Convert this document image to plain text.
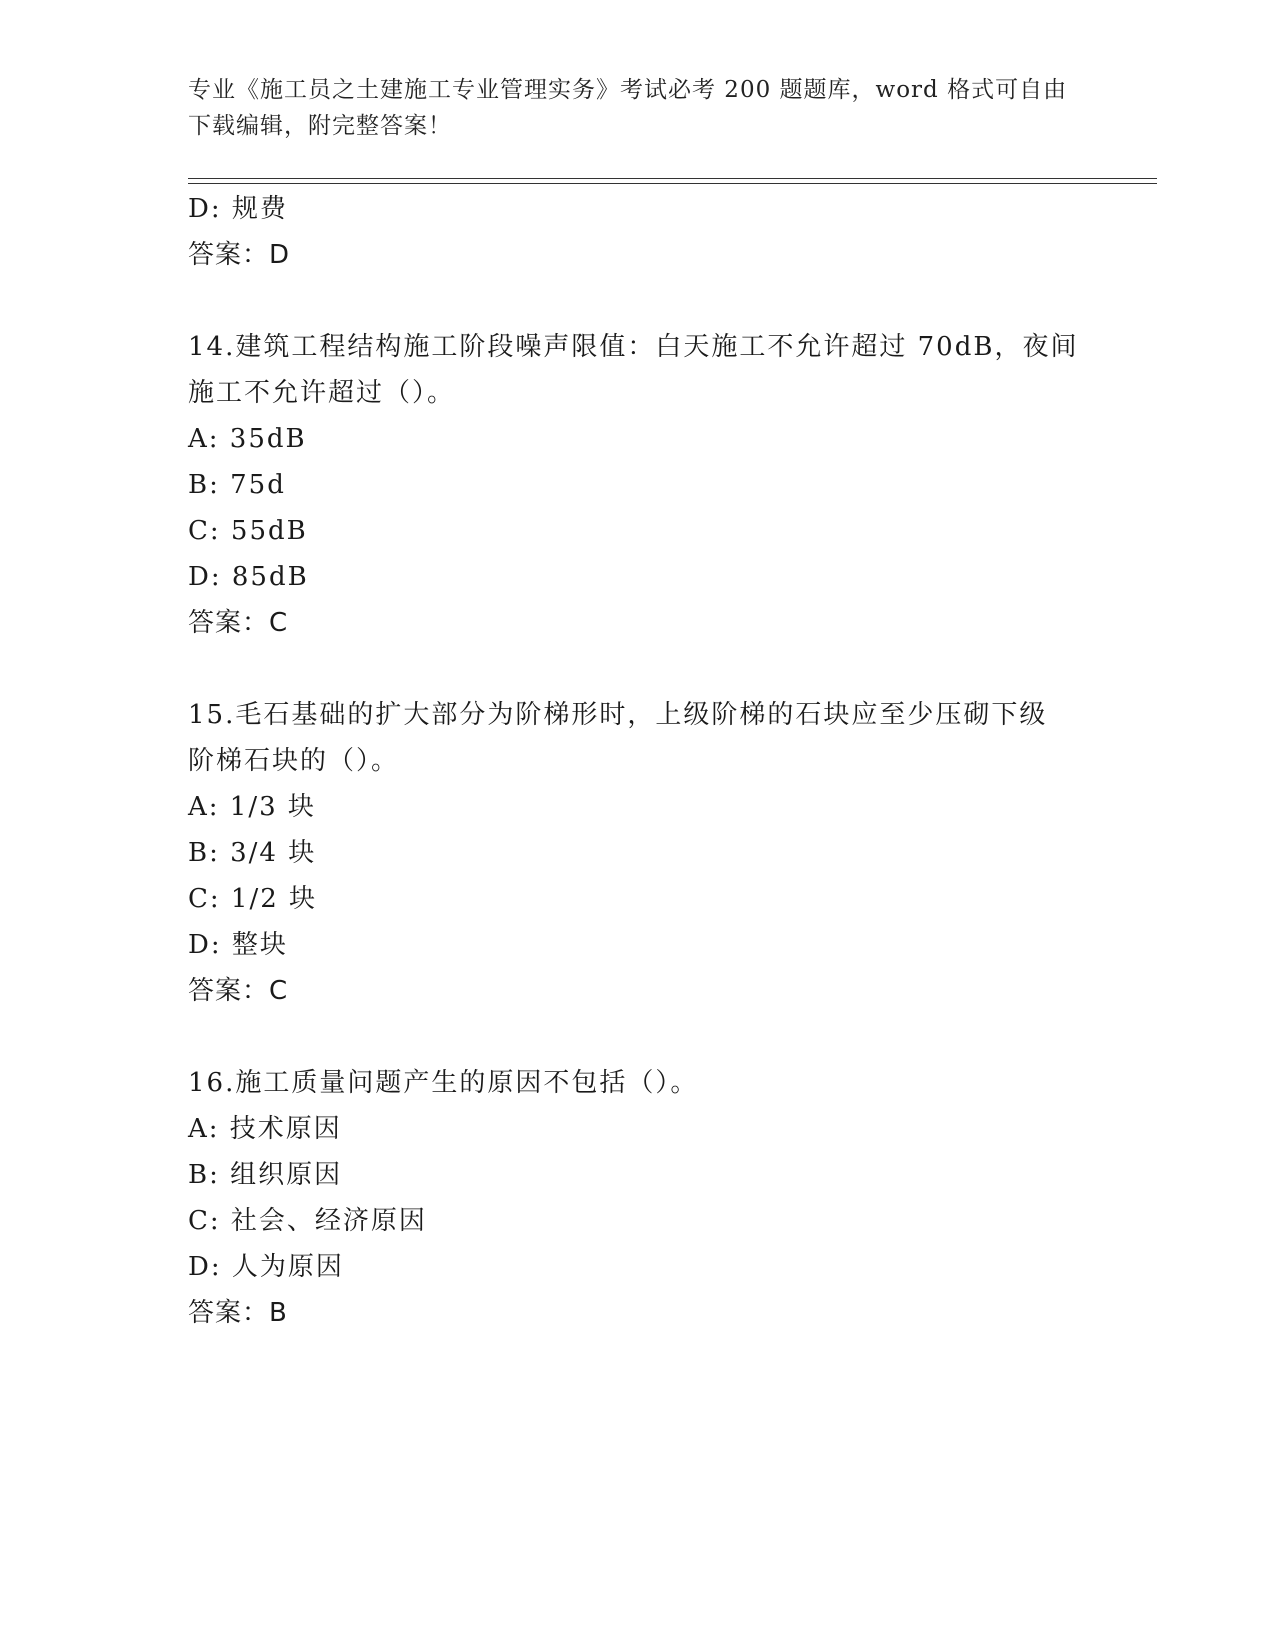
专业《施工员之土建施工专业管理实务》考试必考 200 题题库，word 格式可自由
下载编辑，附完整答案！
D: 规费
答案：D
14.建筑工程结构施工阶段噪声限值：白天施工不允许超过 70dB，夜间
施工不允许超过（）。
A: 35dB
B: 75d
C: 55dB
D: 85dB
答案：C
15.毛石基础的扩大部分为阶梯形时，上级阶梯的石块应至少压砌下级
阶梯石块的（）。
A: 1/3 块
B: 3/4 块
C: 1/2 块
D: 整块
答案：C
16.施工质量问题产生的原因不包括（）。
A: 技术原因
B: 组织原因
C: 社会、经济原因
D: 人为原因
答案：B
